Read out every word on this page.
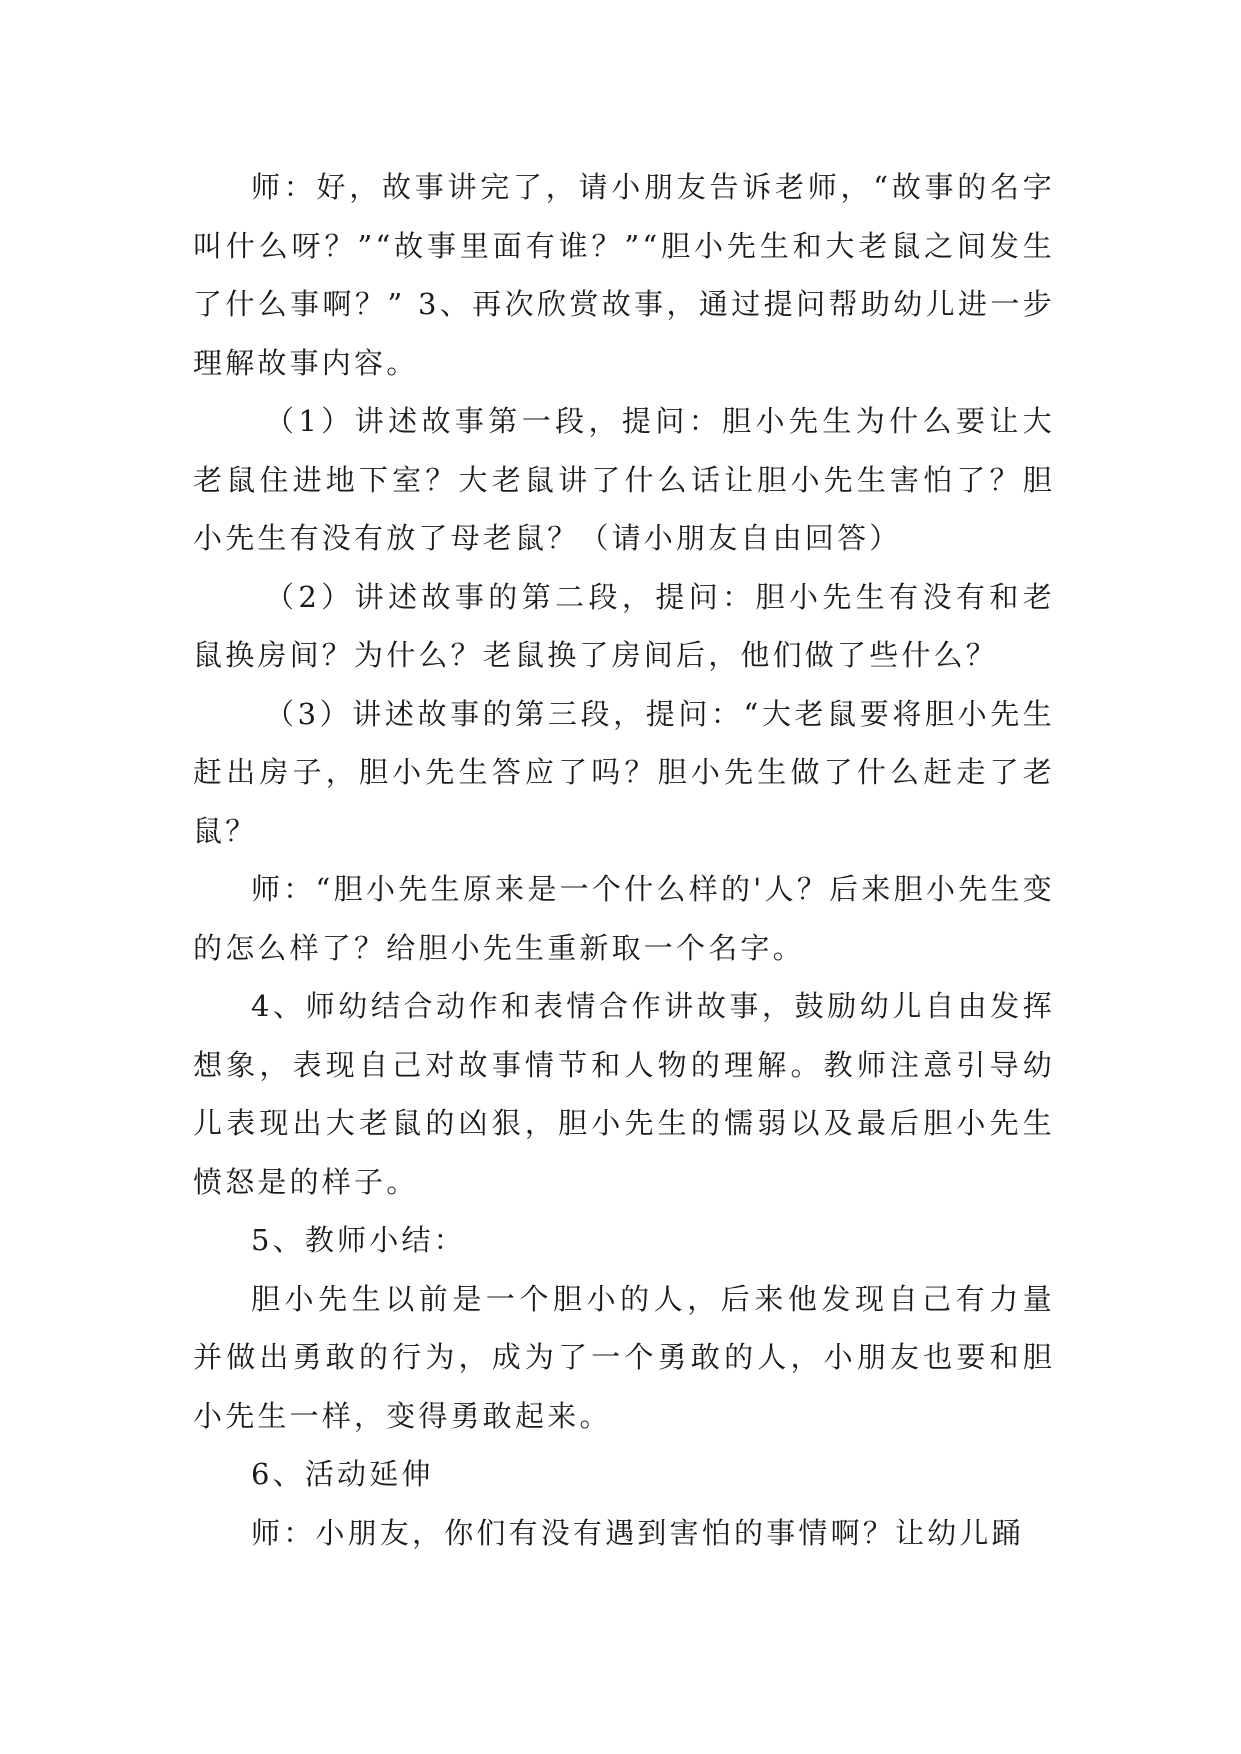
师：好，故事讲完了，请小朋友告诉老师，“故事的名字叫什么呀？”“故事里面有谁？”“胆小先生和大老鼠之间发生了什么事啊？” 3、再次欣赏故事，通过提问帮助幼儿进一步理解故事内容。

（1）讲述故事第一段，提问：胆小先生为什么要让大老鼠住进地下室？大老鼠讲了什么话让胆小先生害怕了？胆小先生有没有放了母老鼠？（请小朋友自由回答）

（2）讲述故事的第二段，提问：胆小先生有没有和老鼠换房间？为什么？老鼠换了房间后，他们做了些什么？

（3）讲述故事的第三段，提问：“大老鼠要将胆小先生赶出房子，胆小先生答应了吗？胆小先生做了什么赶走了老鼠？

师：“胆小先生原来是一个什么样的'人？后来胆小先生变的怎么样了？给胆小先生重新取一个名字。

4、师幼结合动作和表情合作讲故事，鼓励幼儿自由发挥想象，表现自己对故事情节和人物的理解。教师注意引导幼儿表现出大老鼠的凶狠，胆小先生的懦弱以及最后胆小先生愤怒是的样子。

5、教师小结：

胆小先生以前是一个胆小的人，后来他发现自己有力量并做出勇敢的行为，成为了一个勇敢的人，小朋友也要和胆小先生一样，变得勇敢起来。

6、活动延伸

师：小朋友，你们有没有遇到害怕的事情啊？让幼儿踊
